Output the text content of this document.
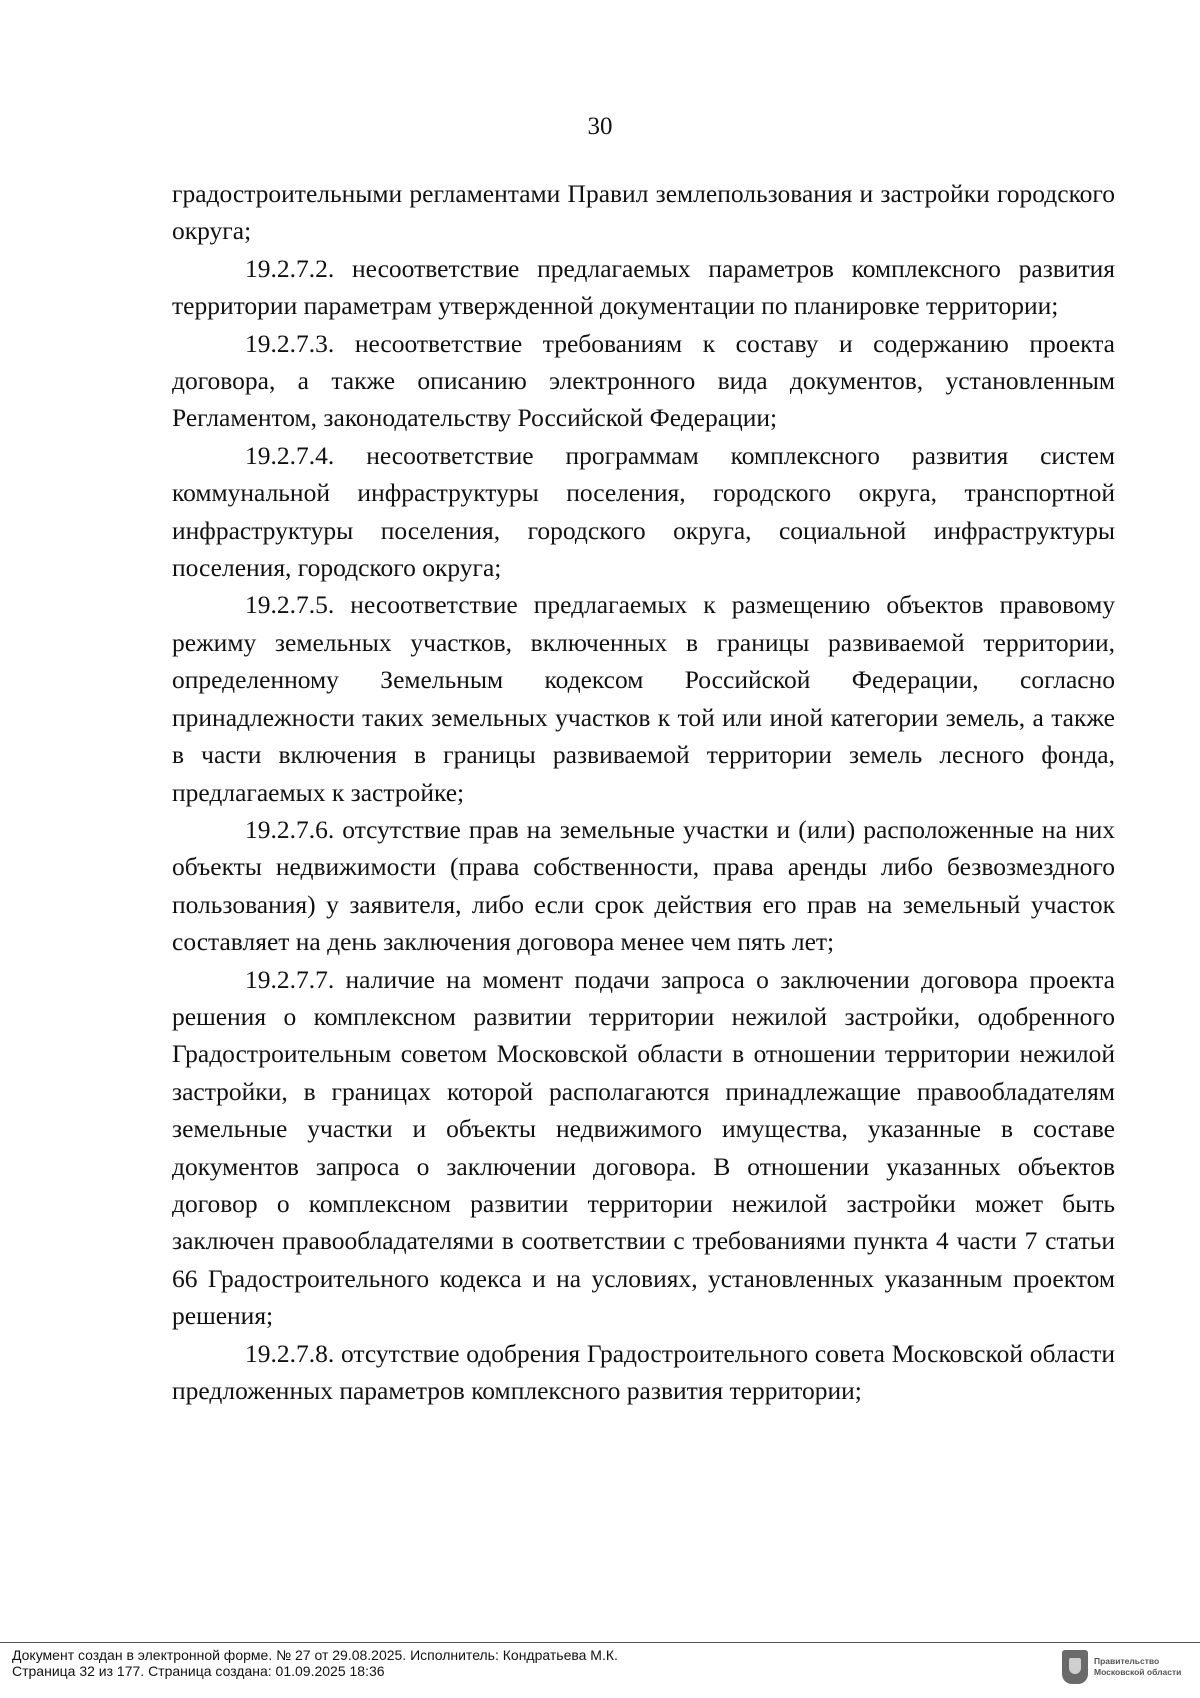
30

градостроительными регламентами Правил землепользования и застройки городского округа;

19.2.7.2. несоответствие предлагаемых параметров комплексного развития территории параметрам утвержденной документации по планировке территории;

19.2.7.3. несоответствие требованиям к составу и содержанию проекта договора, а также описанию электронного вида документов, установленным Регламентом, законодательству Российской Федерации;

19.2.7.4. несоответствие программам комплексного развития систем коммунальной инфраструктуры поселения, городского округа, транспортной инфраструктуры поселения, городского округа, социальной инфраструктуры поселения, городского округа;

19.2.7.5. несоответствие предлагаемых к размещению объектов правовому режиму земельных участков, включенных в границы развиваемой территории, определенному Земельным кодексом Российской Федерации, согласно принадлежности таких земельных участков к той или иной категории земель, а также в части включения в границы развиваемой территории земель лесного фонда, предлагаемых к застройке;

19.2.7.6. отсутствие прав на земельные участки и (или) расположенные на них объекты недвижимости (права собственности, права аренды либо безвозмездного пользования) у заявителя, либо если срок действия его прав на земельный участок составляет на день заключения договора менее чем пять лет;

19.2.7.7. наличие на момент подачи запроса о заключении договора проекта решения о комплексном развитии территории нежилой застройки, одобренного Градостроительным советом Московской области в отношении территории нежилой застройки, в границах которой располагаются принадлежащие правообладателям земельные участки и объекты недвижимого имущества, указанные в составе документов запроса о заключении договора. В отношении указанных объектов договор о комплексном развитии территории нежилой застройки может быть заключен правообладателями в соответствии с требованиями пункта 4 части 7 статьи 66 Градостроительного кодекса и на условиях, установленных указанным проектом решения;

19.2.7.8. отсутствие одобрения Градостроительного совета Московской области предложенных параметров комплексного развития территории;

Документ создан в электронной форме. № 27 от 29.08.2025. Исполнитель: Кондратьева М.К.
Страница 32 из 177. Страница создана: 01.09.2025 18:36
Правительство
Московской области
